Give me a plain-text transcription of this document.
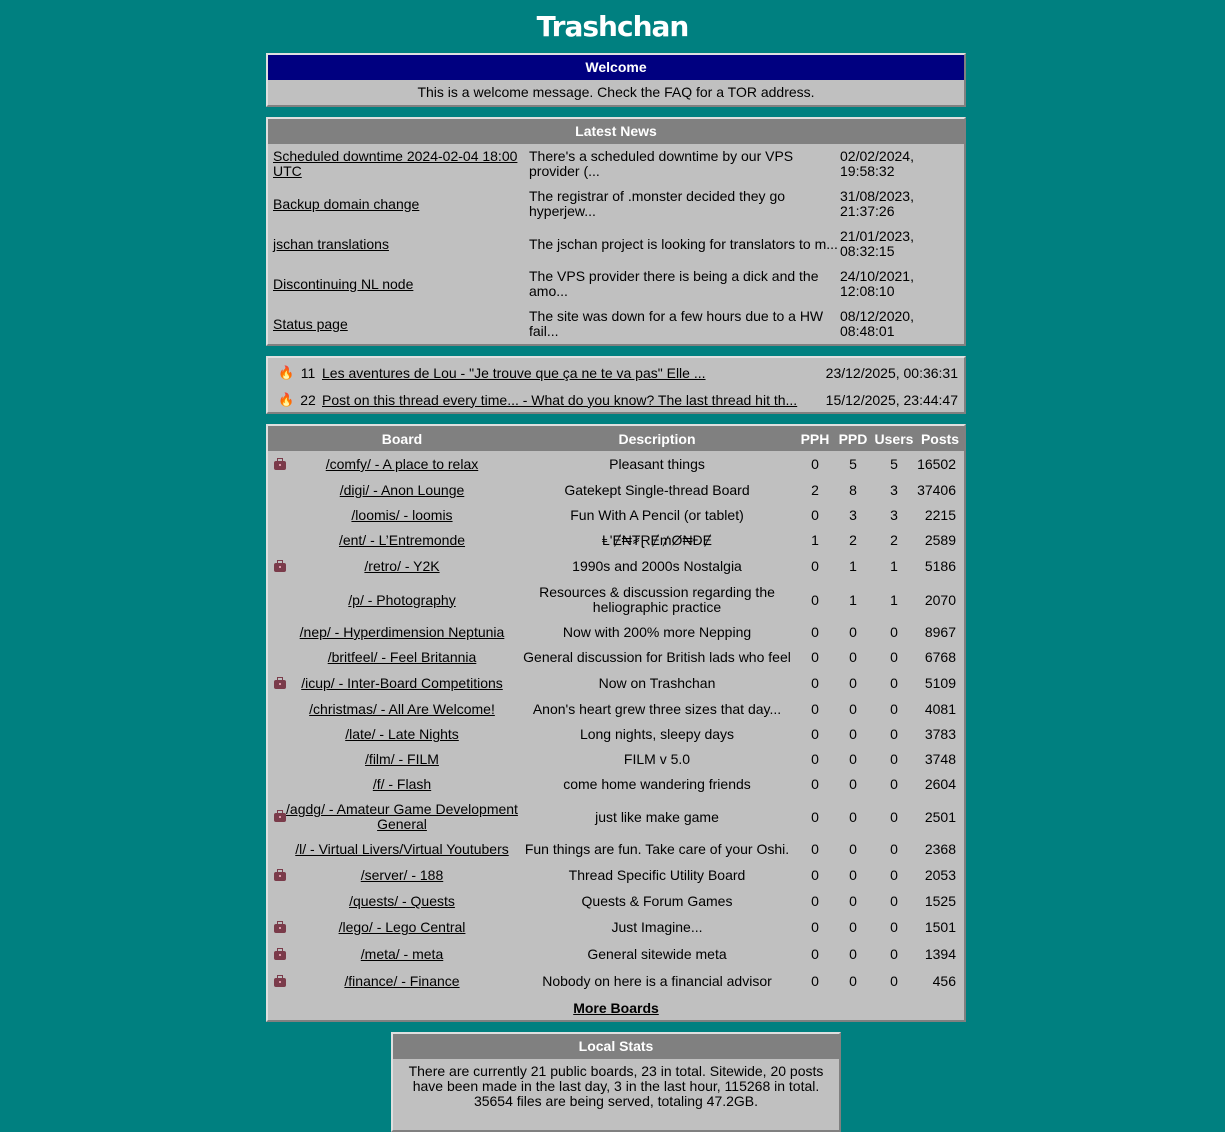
Trashchan
Welcome
This is a welcome message. Check the FAQ for a TOR address.
Latest News
Scheduled downtime 2024-02-04 18:00 UTC	There's a scheduled downtime by our VPS provider (...	02/02/2024,
19:58:32

Backup domain change	The registrar of .monster decided they go hyperjew...	31/08/2023,
21:37:26

jschan translations	The jschan project is looking for translators to m...	21/01/2023,
08:32:15

Discontinuing NL node	The VPS provider there is being a dick and the amo...	24/10/2021,
12:08:10

Status page	The site was down for a few hours due to a HW fail...	08/12/2020,
08:48:01
🔥	11	Les aventures de Lou - "Je trouve que ça ne te va pas" Elle ...	23/12/2025, 00:36:31
🔥	22	Post on this thread every time... - What do you know? The last thread hit th...	15/12/2025, 23:44:47
	Board	Description	PPH	PPD	Users	Posts
	/comfy/ - A place to relax	Pleasant things	0	5	5	16502
	/digi/ - Anon Lounge	Gatekept Single-thread Board	2	8	3	37406
	/loomis/ - loomis	Fun With A Pencil (or tablet)	0	3	3	2215
	/ent/ - L’Entremonde	Ⱡ'Ɇ₦₮ⱤɆ₥Ø₦ĐɆ	1	2	2	2589
	/retro/ - Y2K	1990s and 2000s Nostalgia	0	1	1	5186
	/p/ - Photography	Resources & discussion regarding the heliographic practice	0	1	1	2070
	/nep/ - Hyperdimension Neptunia	Now with 200% more Nepping	0	0	0	8967
	/britfeel/ - Feel Britannia	General discussion for British lads who feel	0	0	0	6768
	/icup/ - Inter-Board Competitions	Now on Trashchan	0	0	0	5109
	/christmas/ - All Are Welcome!	Anon's heart grew three sizes that day...	0	0	0	4081
	/late/ - Late Nights	Long nights, sleepy days	0	0	0	3783
	/film/ - FILM	FILM v 5.0	0	0	0	3748
	/f/ - Flash	come home wandering friends	0	0	0	2604
	/agdg/ - Amateur Game Development General	just like make game	0	0	0	2501
	/l/ - Virtual Livers/Virtual Youtubers	Fun things are fun. Take care of your Oshi.	0	0	0	2368
	/server/ - 188	Thread Specific Utility Board	0	0	0	2053
	/quests/ - Quests	Quests & Forum Games	0	0	0	1525
	/lego/ - Lego Central	Just Imagine...	0	0	0	1501
	/meta/ - meta	General sitewide meta	0	0	0	1394
	/finance/ - Finance	Nobody on here is a financial advisor	0	0	0	456
More Boards
Local Stats
There are currently 21 public boards, 23 in total. Sitewide, 20 posts have been made in the last day, 3 in the last hour, 115268 in total.
35654 files are being served, totaling 47.2GB.
